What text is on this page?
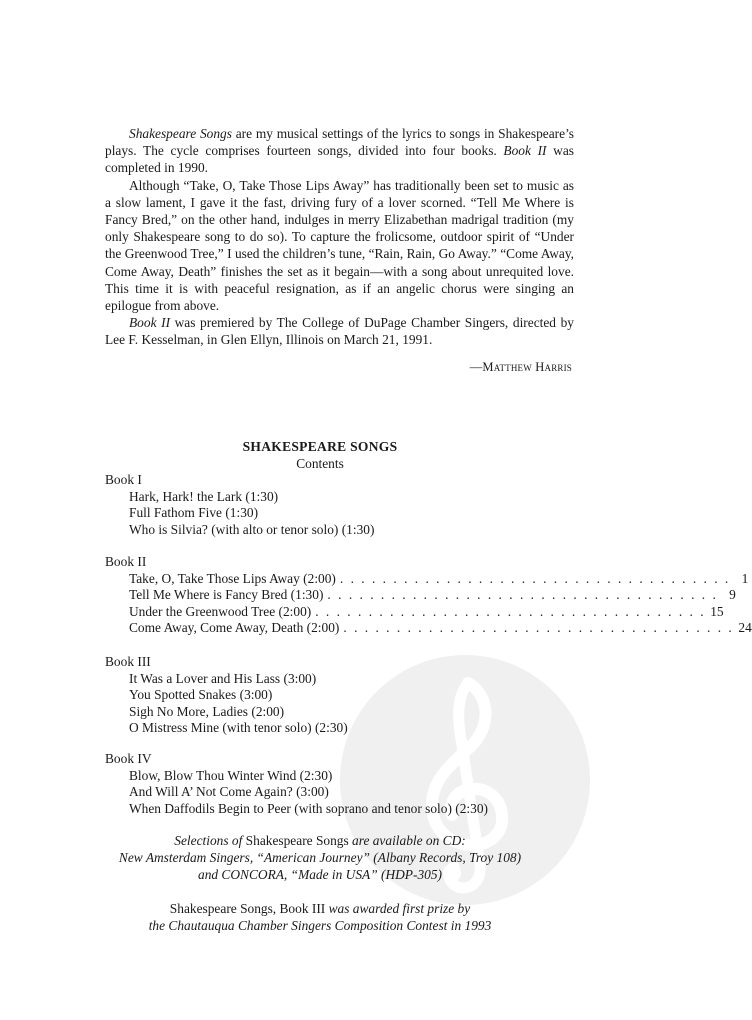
Shakespeare Songs are my musical settings of the lyrics to songs in Shakespeare’s plays. The cycle comprises fourteen songs, divided into four books. Book II was completed in 1990.

Although “Take, O, Take Those Lips Away” has traditionally been set to music as a slow lament, I gave it the fast, driving fury of a lover scorned. “Tell Me Where is Fancy Bred,” on the other hand, indulges in merry Elizabethan madrigal tradition (my only Shakespeare song to do so). To capture the frolicsome, outdoor spirit of “Under the Greenwood Tree,” I used the children’s tune, “Rain, Rain, Go Away.” “Come Away, Come Away, Death” finishes the set as it begain—with a song about unrequited love. This time it is with peaceful resignation, as if an angelic chorus were singing an epilogue from above.

Book II was premiered by The College of DuPage Chamber Singers, directed by Lee F. Kesselman, in Glen Ellyn, Illinois on March 21, 1991.

—Matthew Harris
SHAKESPEARE SONGS
Contents
Book I
Hark, Hark! the Lark (1:30)
Full Fathom Five (1:30)
Who is Silvia? (with alto or tenor solo) (1:30)
Book II
Take, O, Take Those Lips Away (2:00) . . . . . . . . . . . . . . . . . . . . . . . . . . . . . . . . . . . . . 1
Tell Me Where is Fancy Bred (1:30) . . . . . . . . . . . . . . . . . . . . . . . . . . . . . . . . . . . . . 9
Under the Greenwood Tree (2:00) . . . . . . . . . . . . . . . . . . . . . . . . . . . . . . . . . . . . . 15
Come Away, Come Away, Death (2:00) . . . . . . . . . . . . . . . . . . . . . . . . . . . . . . . . . . . . . 24
Book III
It Was a Lover and His Lass (3:00)
You Spotted Snakes (3:00)
Sigh No More, Ladies (2:00)
O Mistress Mine (with tenor solo) (2:30)
Book IV
Blow, Blow Thou Winter Wind (2:30)
And Will A’ Not Come Again? (3:00)
When Daffodils Begin to Peer (with soprano and tenor solo) (2:30)
Selections of Shakespeare Songs are available on CD:
New Amsterdam Singers, “American Journey” (Albany Records, Troy 108)
and CONCORA, “Made in USA” (HDP-305)
Shakespeare Songs, Book III was awarded first prize by
the Chautauqua Chamber Singers Composition Contest in 1993
